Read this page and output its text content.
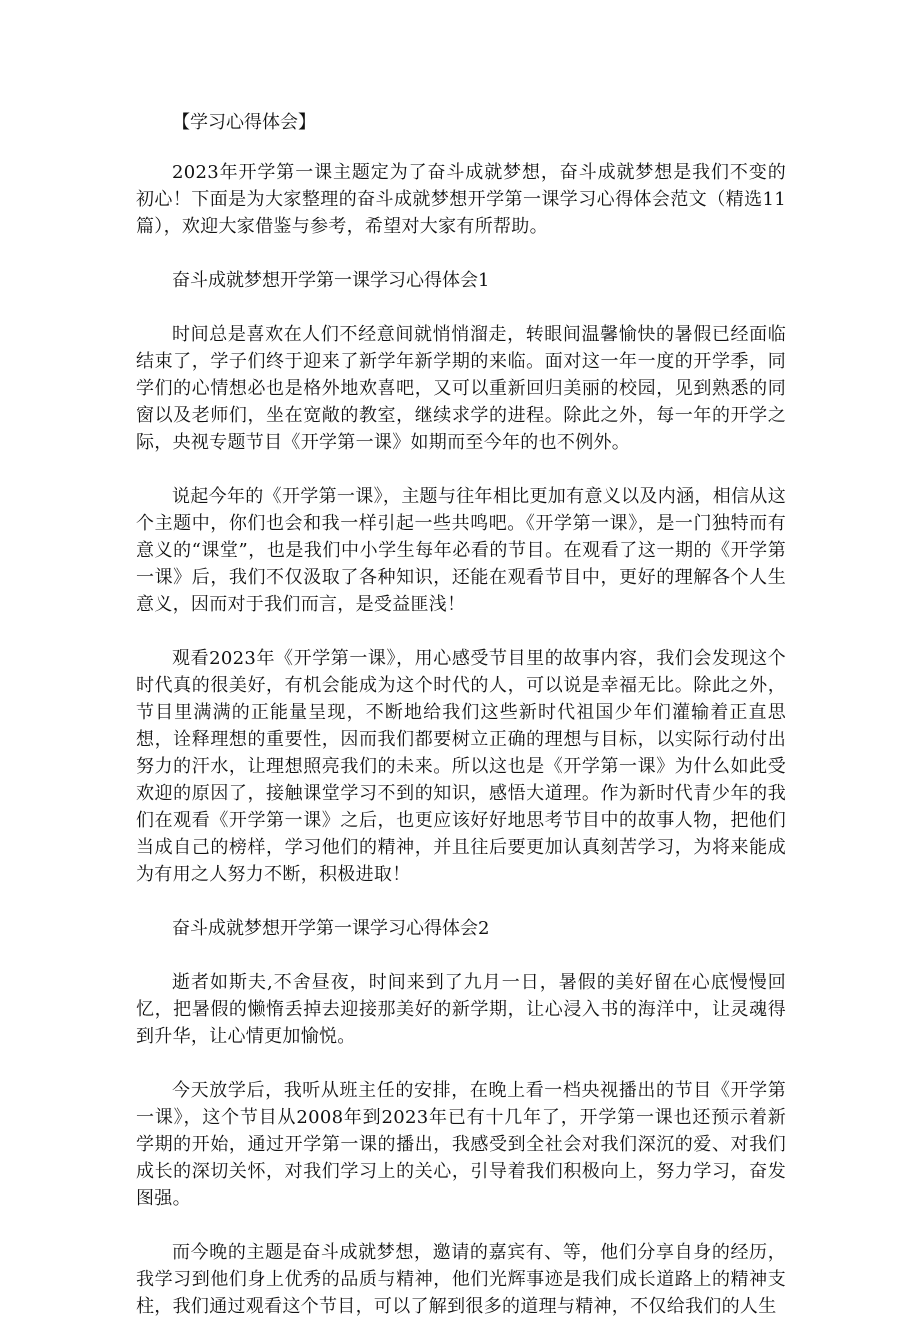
【学习心得体会】

2023年开学第一课主题定为了奋斗成就梦想，奋斗成就梦想是我们不变的初心！下面是为大家整理的奋斗成就梦想开学第一课学习心得体会范文（精选11篇），欢迎大家借鉴与参考，希望对大家有所帮助。

奋斗成就梦想开学第一课学习心得体会1

时间总是喜欢在人们不经意间就悄悄溜走，转眼间温馨愉快的暑假已经面临结束了，学子们终于迎来了新学年新学期的来临。面对这一年一度的开学季，同学们的心情想必也是格外地欢喜吧，又可以重新回归美丽的校园，见到熟悉的同窗以及老师们，坐在宽敞的教室，继续求学的进程。除此之外，每一年的开学之际，央视专题节目《开学第一课》如期而至今年的也不例外。

说起今年的《开学第一课》，主题与往年相比更加有意义以及内涵，相信从这个主题中，你们也会和我一样引起一些共鸣吧。《开学第一课》，是一门独特而有意义的“课堂”，也是我们中小学生每年必看的节目。在观看了这一期的《开学第一课》后，我们不仅汲取了各种知识，还能在观看节目中，更好的理解各个人生意义，因而对于我们而言，是受益匪浅！

观看2023年《开学第一课》，用心感受节目里的故事内容，我们会发现这个时代真的很美好，有机会能成为这个时代的人，可以说是幸福无比。除此之外，节目里满满的正能量呈现，不断地给我们这些新时代祖国少年们灌输着正直思想，诠释理想的重要性，因而我们都要树立正确的理想与目标，以实际行动付出努力的汗水，让理想照亮我们的未来。所以这也是《开学第一课》为什么如此受欢迎的原因了，接触课堂学习不到的知识，感悟大道理。作为新时代青少年的我们在观看《开学第一课》之后，也更应该好好地思考节目中的故事人物，把他们当成自己的榜样，学习他们的精神，并且往后要更加认真刻苦学习，为将来能成为有用之人努力不断，积极进取！

奋斗成就梦想开学第一课学习心得体会2

逝者如斯夫,不舍昼夜，时间来到了九月一日，暑假的美好留在心底慢慢回忆，把暑假的懒惰丢掉去迎接那美好的新学期，让心浸入书的海洋中，让灵魂得到升华，让心情更加愉悦。

今天放学后，我听从班主任的安排，在晚上看一档央视播出的节目《开学第一课》，这个节目从2008年到2023年已有十几年了，开学第一课也还预示着新学期的开始，通过开学第一课的播出，我感受到全社会对我们深沉的爱、对我们成长的深切关怀，对我们学习上的关心，引导着我们积极向上，努力学习，奋发图强。

而今晚的主题是奋斗成就梦想，邀请的嘉宾有、等，他们分享自身的经历，我学习到他们身上优秀的品质与精神，他们光辉事迹是我们成长道路上的精神支柱，我们通过观看这个节目，可以了解到很多的道理与精神，不仅给我们的人生
